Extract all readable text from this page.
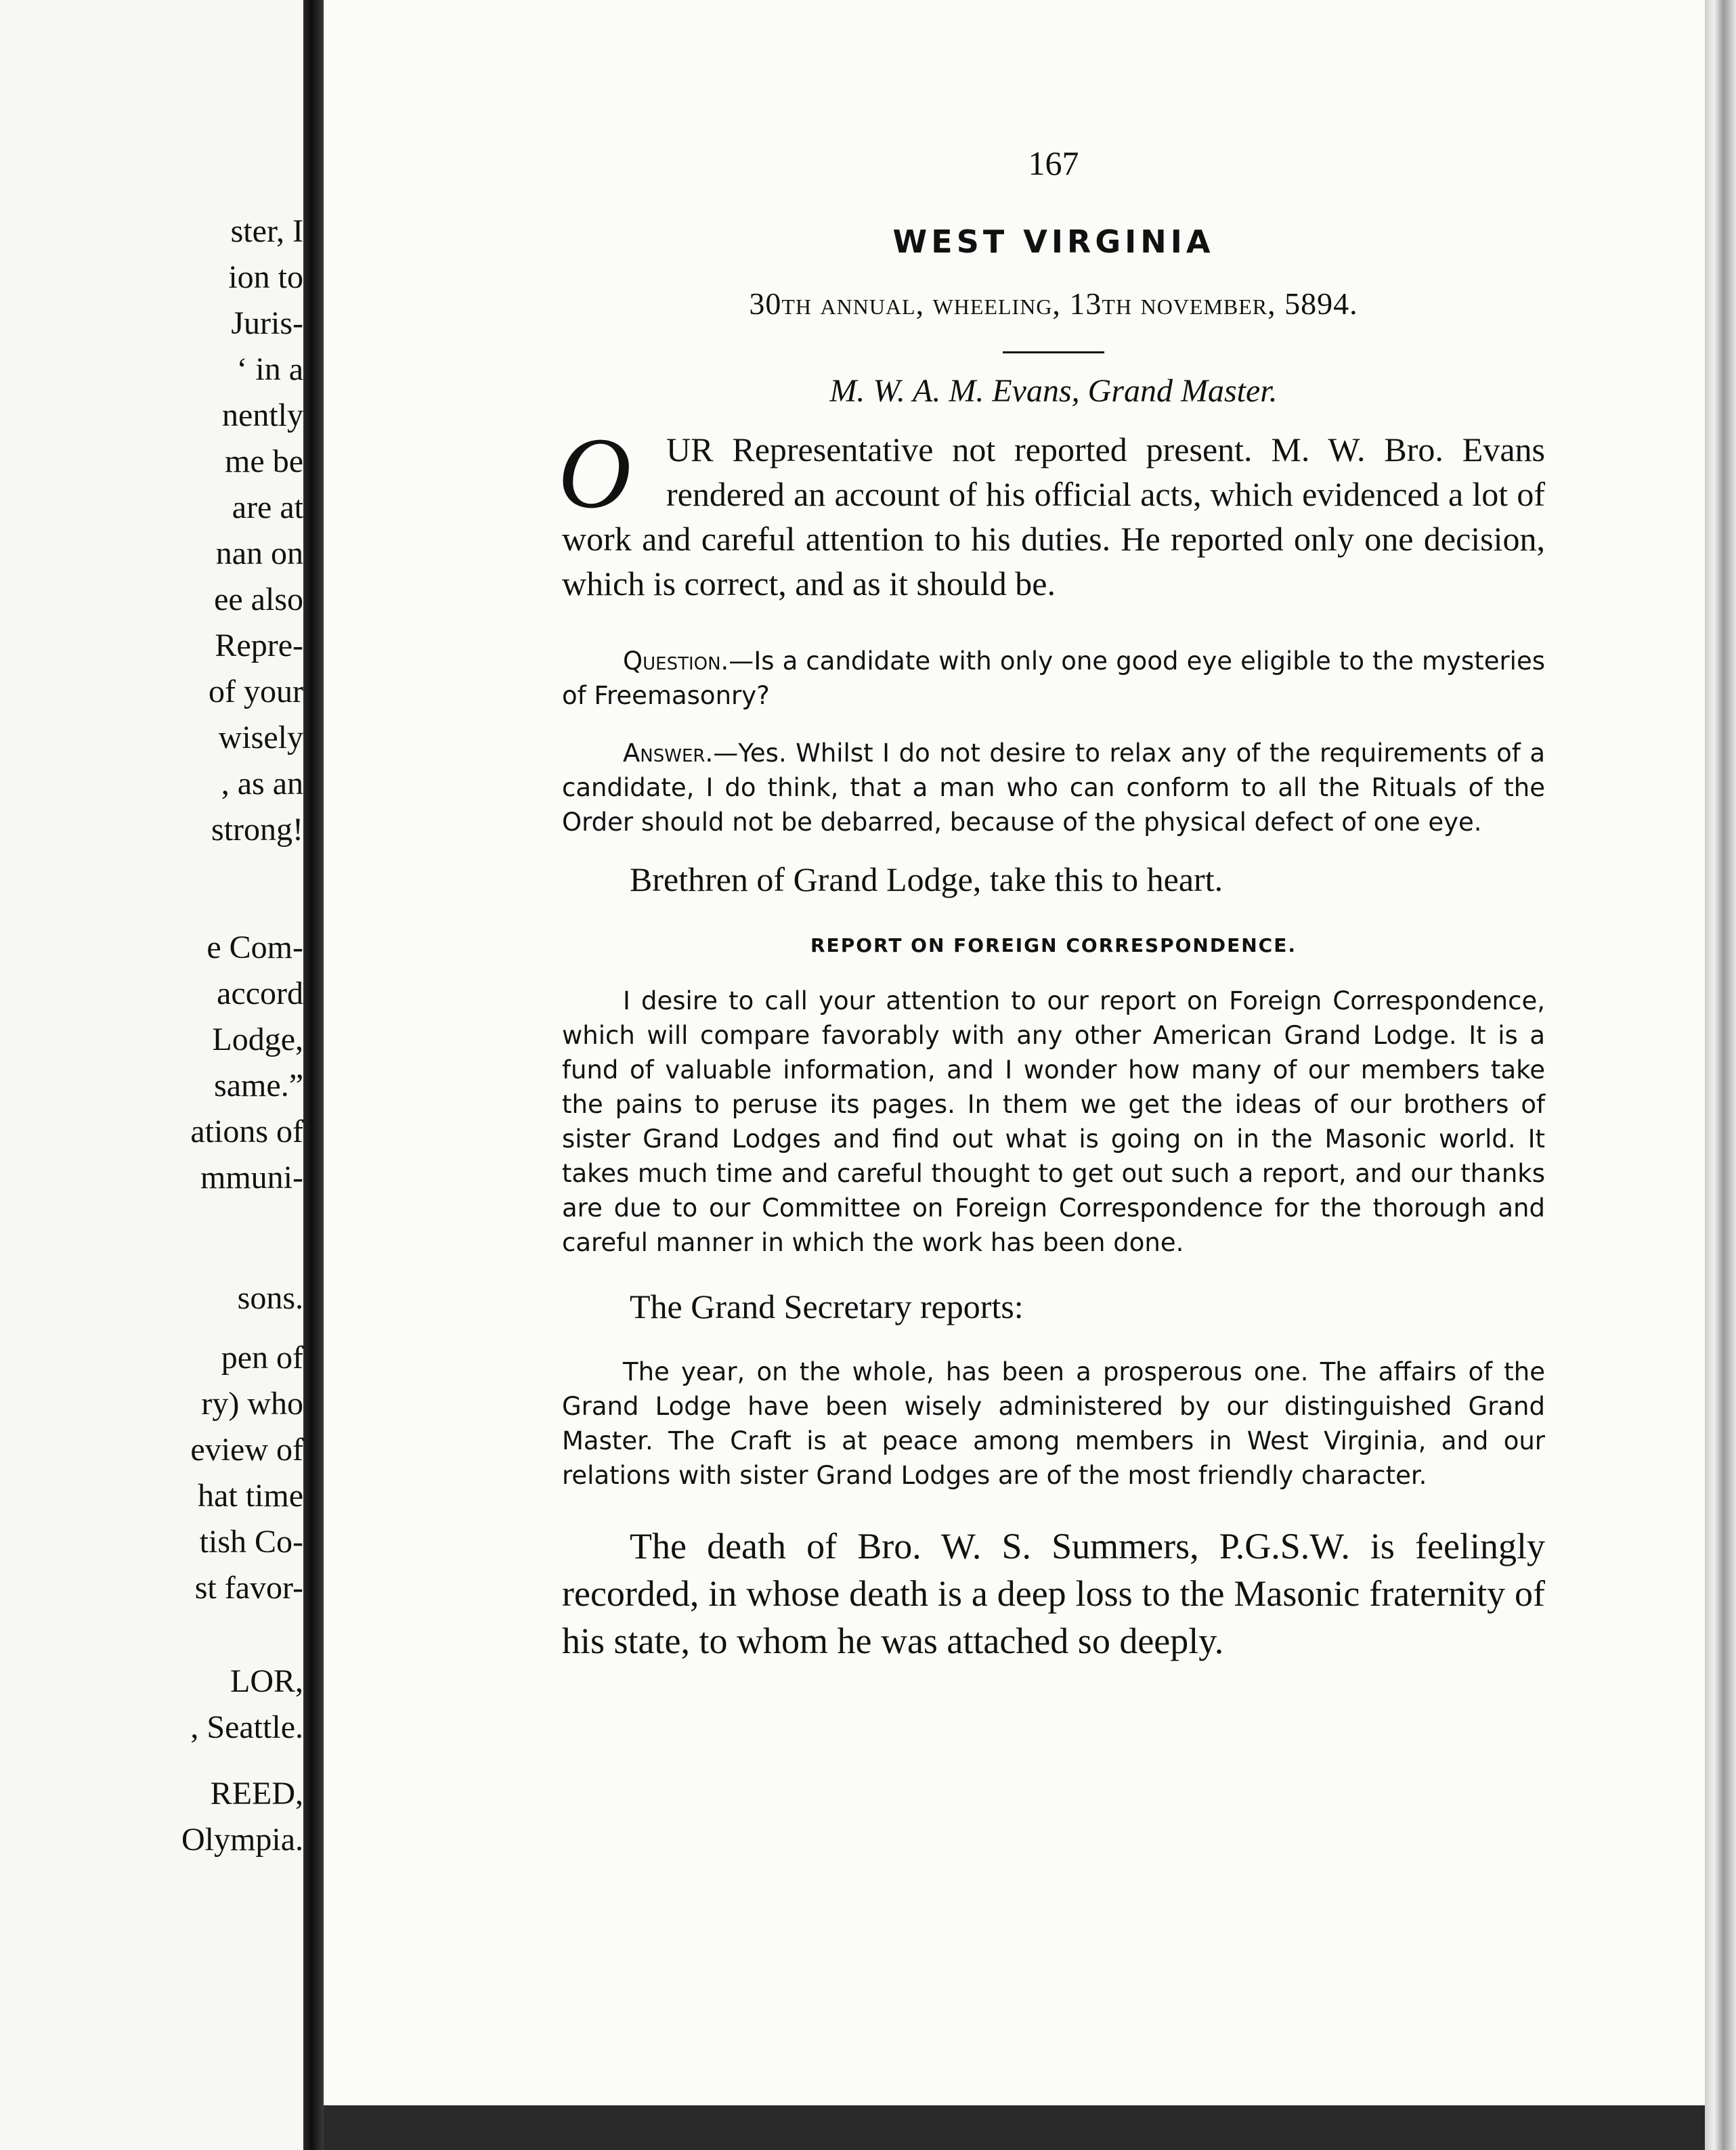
ster, I
ion to
Juris-
‘ in a
nently
me be
are at
nan on
ee also
Repre-
of your
wisely
, as an
strong!
e Com-
accord
Lodge,
same.”
ations of
mmuni-
sons.
pen of
ry) who
eview of
hat time
tish Co-
st favor-
LOR,
, Seattle.
REED,
Olympia.
167
WEST VIRGINIA
30th annual, wheeling, 13th november, 5894.
M. W. A. M. Evans, Grand Master.

O	UR Representative not reported present. M. W. Bro. Evans rendered an account of his official acts, which evidenced a lot of work and careful attention to his duties. He reported only one decision, which is correct, and as it should be.

Question.—Is a candidate with only one good eye eligible to the mysteries of Freemasonry?

Answer.—Yes. Whilst I do not desire to relax any of the requirements of a candidate, I do think, that a man who can conform to all the Rituals of the Order should not be debarred, because of the physical defect of one eye.

Brethren of Grand Lodge, take this to heart.

REPORT ON FOREIGN CORRESPONDENCE.

I desire to call your attention to our report on Foreign Correspondence, which will compare favorably with any other American Grand Lodge. It is a fund of valuable information, and I wonder how many of our members take the pains to peruse its pages. In them we get the ideas of our brothers of sister Grand Lodges and find out what is going on in the Masonic world. It takes much time and careful thought to get out such a report, and our thanks are due to our Committee on Foreign Correspondence for the thorough and careful manner in which the work has been done.

The Grand Secretary reports:

The year, on the whole, has been a prosperous one. The affairs of the Grand Lodge have been wisely administered by our distinguished Grand Master. The Craft is at peace among members in West Virginia, and our relations with sister Grand Lodges are of the most friendly character.

The death of Bro. W. S. Summers, P.G.S.W. is feelingly recorded, in whose death is a deep loss to the Masonic fraternity of his state, to whom he was attached so deeply.
